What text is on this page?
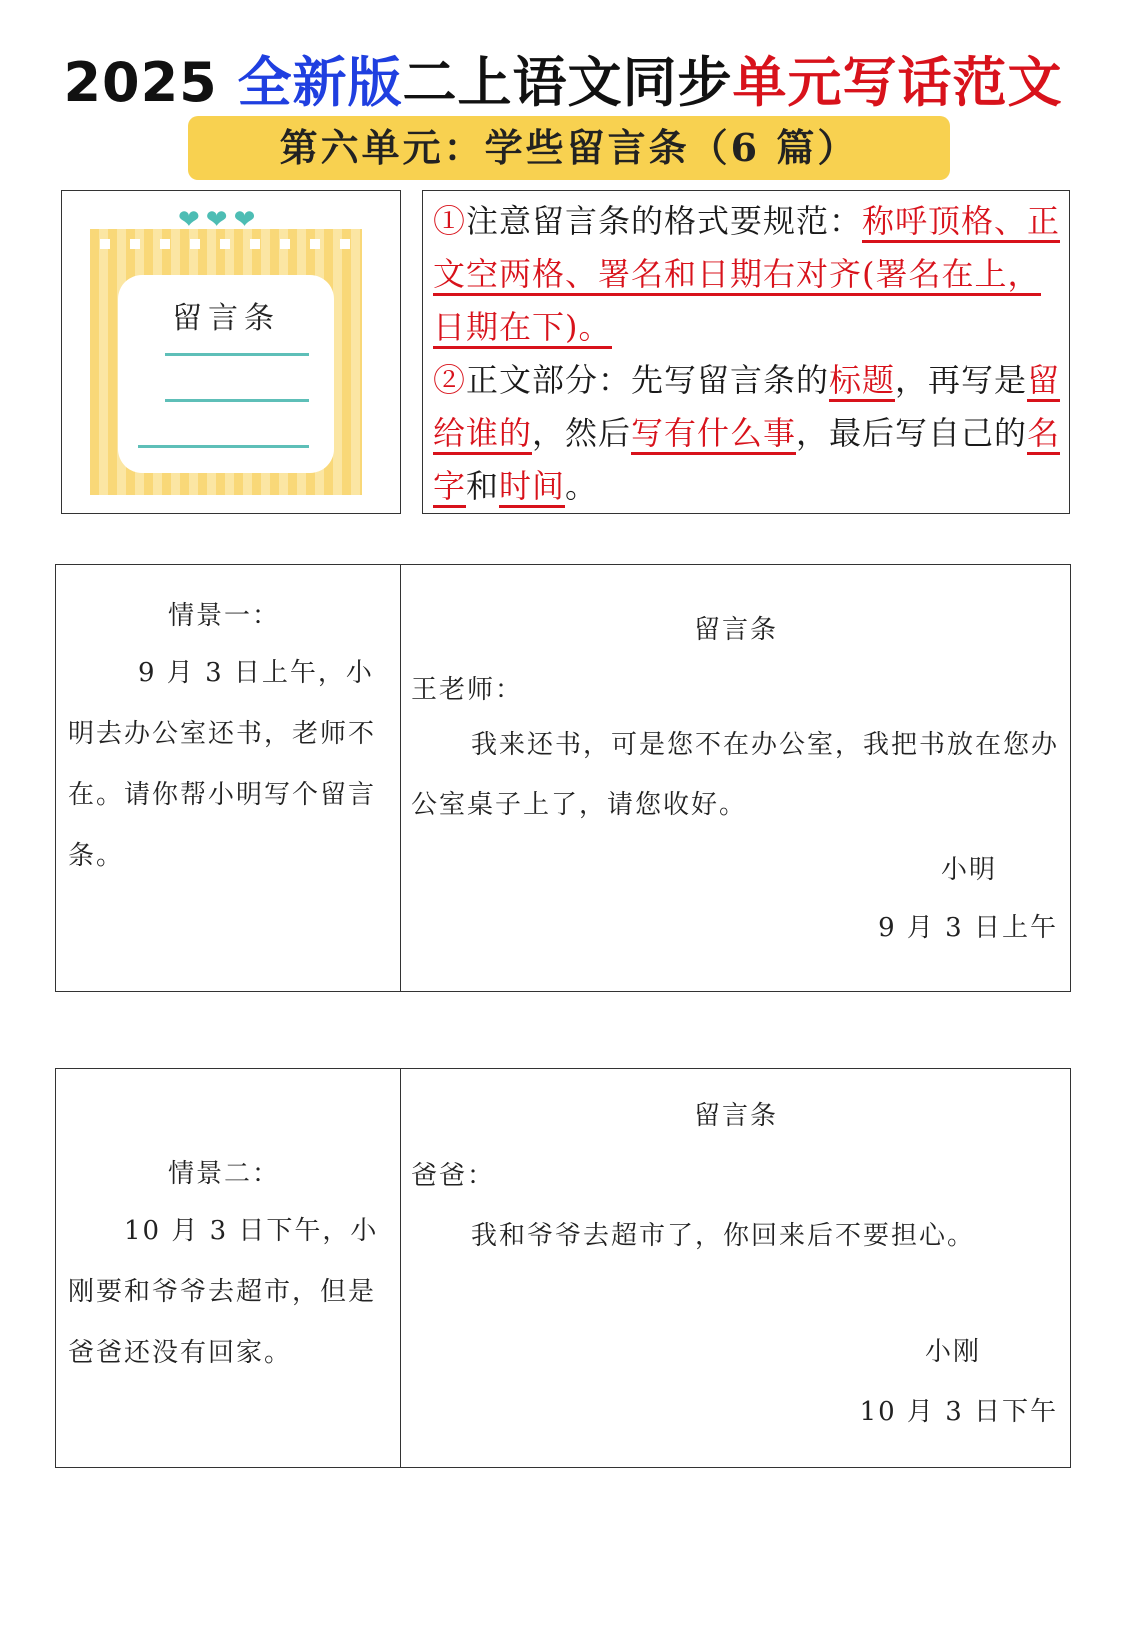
2025 全新版二上语文同步单元写话范文
第六单元：学些留言条（6 篇）
留言条
❤ ❤ ❤	①注意留言条的格式要规范：称呼顶格、正文空两格、署名和日期右对齐(署名在上，日期在下)。
②正文部分：先写留言条的标题，再写是留给谁的，然后写有什么事，最后写自己的名字和时间。
情景一：
9 月 3 日上午，小明去办公室还书，老师不在。请你帮小明写个留言条。
留言条
王老师：
我来还书，可是您不在办公室，我把书放在您办公室桌子上了，请您收好。
小明
9 月 3 日上午
情景二：
10 月 3 日下午，小刚要和爷爷去超市，但是爸爸还没有回家。
留言条
爸爸：
我和爷爷去超市了，你回来后不要担心。
小刚
10 月 3 日下午
